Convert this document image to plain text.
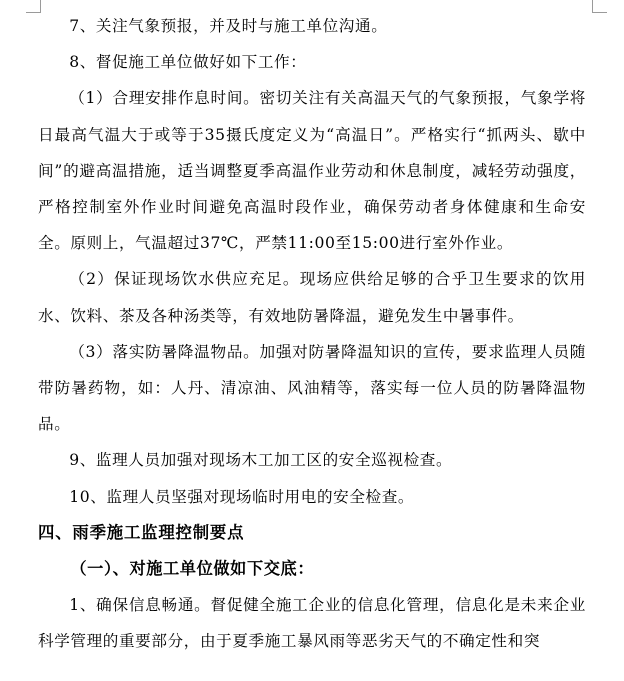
7、关注气象预报，并及时与施工单位沟通。

8、督促施工单位做好如下工作：

（1）合理安排作息时间。密切关注有关高温天气的气象预报，气象学将日最高气温大于或等于35摄氏度定义为“高温日”。严格实行“抓两头、歇中间”的避高温措施，适当调整夏季高温作业劳动和休息制度，减轻劳动强度，严格控制室外作业时间避免高温时段作业，确保劳动者身体健康和生命安全。原则上，气温超过37℃，严禁11:00至15:00进行室外作业。

（2）保证现场饮水供应充足。现场应供给足够的合乎卫生要求的饮用水、饮料、茶及各种汤类等，有效地防暑降温，避免发生中暑事件。

（3）落实防暑降温物品。加强对防暑降温知识的宣传，要求监理人员随带防暑药物，如：人丹、清凉油、风油精等，落实每一位人员的防暑降温物品。

9、监理人员加强对现场木工加工区的安全巡视检查。

10、监理人员坚强对现场临时用电的安全检查。

四、雨季施工监理控制要点
（一）、对施工单位做如下交底：

1、确保信息畅通。督促健全施工企业的信息化管理，信息化是未来企业科学管理的重要部分，由于夏季施工暴风雨等恶劣天气的不确定性和突
